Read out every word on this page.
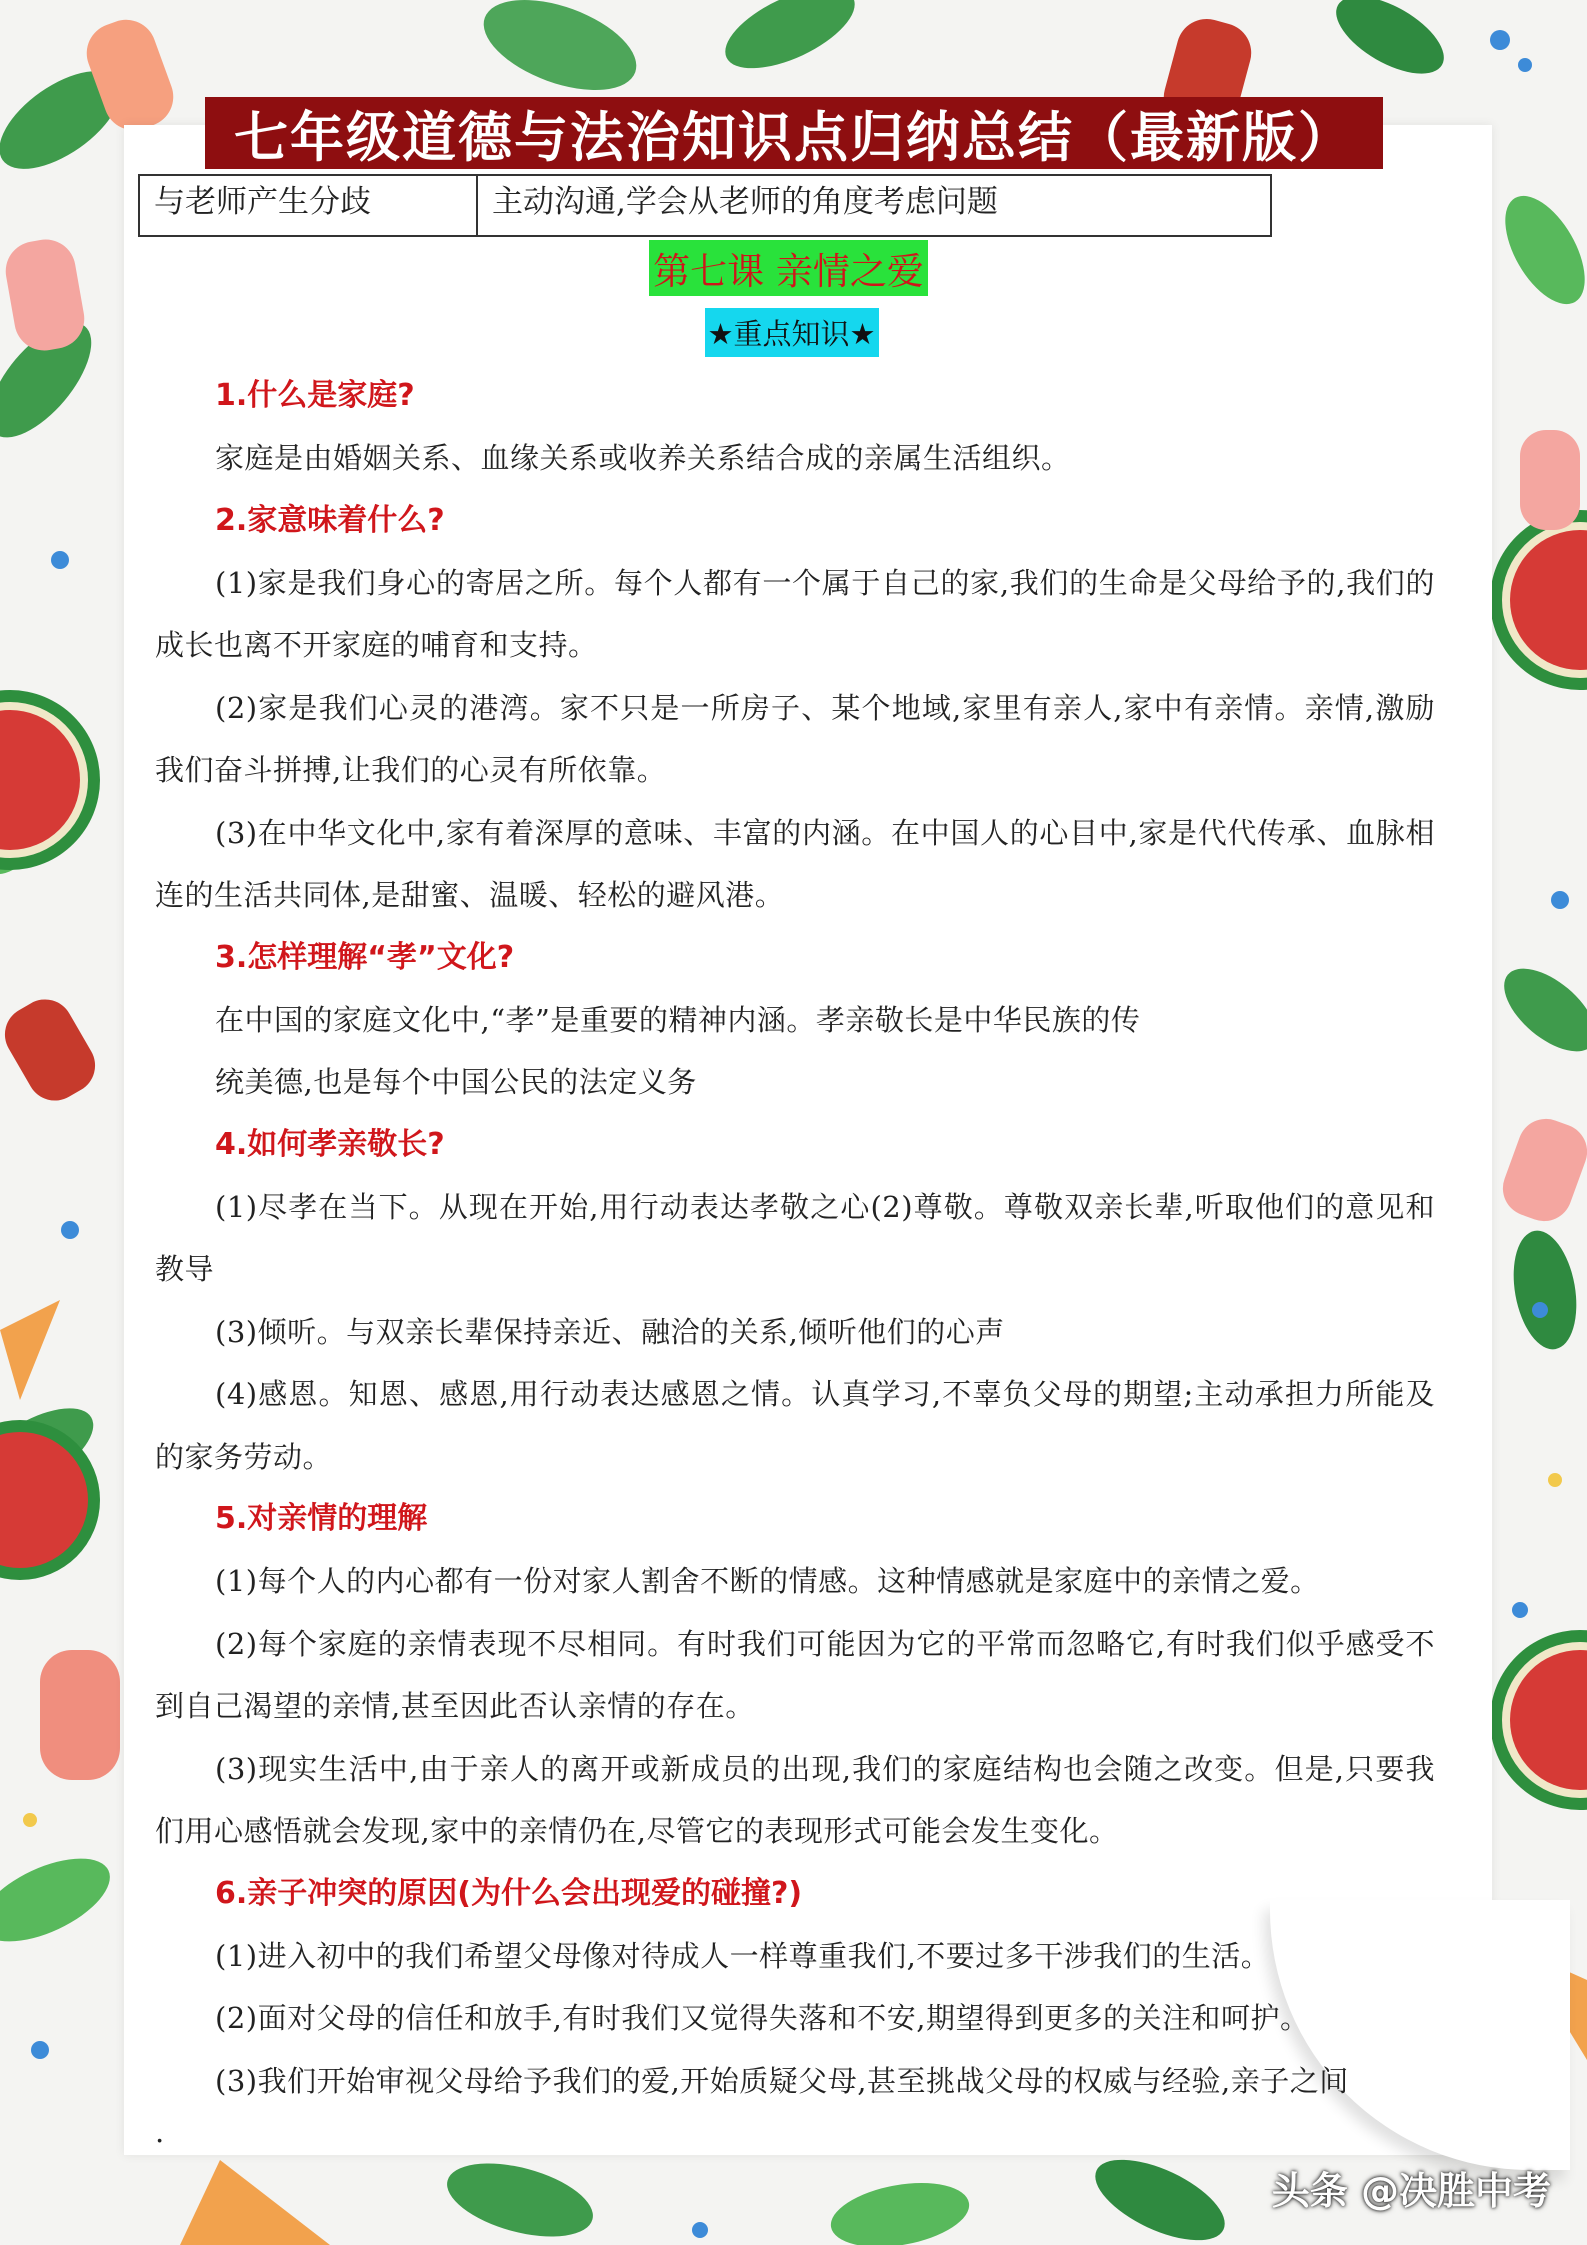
七年级道德与法治知识点归纳总结（最新版）
与老师产生分歧	主动沟通,学会从老师的角度考虑问题
第七课 亲情之爱
★重点知识★
1.什么是家庭?
家庭是由婚姻关系、血缘关系或收养关系结合成的亲属生活组织。
2.家意味着什么?
(1)家是我们身心的寄居之所。每个人都有一个属于自己的家,我们的生命是父母给予的,我们的成长也离不开家庭的哺育和支持。
(2)家是我们心灵的港湾。家不只是一所房子、某个地域,家里有亲人,家中有亲情。亲情,激励我们奋斗拼搏,让我们的心灵有所依靠。
(3)在中华文化中,家有着深厚的意味、丰富的内涵。在中国人的心目中,家是代代传承、血脉相连的生活共同体,是甜蜜、温暖、轻松的避风港。
3.怎样理解“孝”文化?
在中国的家庭文化中,“孝”是重要的精神内涵。孝亲敬长是中华民族的传
统美德,也是每个中国公民的法定义务
4.如何孝亲敬长?
(1)尽孝在当下。从现在开始,用行动表达孝敬之心(2)尊敬。尊敬双亲长辈,听取他们的意见和教导
(3)倾听。与双亲长辈保持亲近、融洽的关系,倾听他们的心声
(4)感恩。知恩、感恩,用行动表达感恩之情。认真学习,不辜负父母的期望;主动承担力所能及的家务劳动。
5.对亲情的理解
(1)每个人的内心都有一份对家人割舍不断的情感。这种情感就是家庭中的亲情之爱。
(2)每个家庭的亲情表现不尽相同。有时我们可能因为它的平常而忽略它,有时我们似乎感受不到自己渴望的亲情,甚至因此否认亲情的存在。
(3)现实生活中,由于亲人的离开或新成员的出现,我们的家庭结构也会随之改变。但是,只要我们用心感悟就会发现,家中的亲情仍在,尽管它的表现形式可能会发生变化。
6.亲子冲突的原因(为什么会出现爱的碰撞?)
(1)进入初中的我们希望父母像对待成人一样尊重我们,不要过多干涉我们的生活。
(2)面对父母的信任和放手,有时我们又觉得失落和不安,期望得到更多的关注和呵护。
(3)我们开始审视父母给予我们的爱,开始质疑父母,甚至挑战父母的权威与经验,亲子之间
.
头条 @决胜中考
